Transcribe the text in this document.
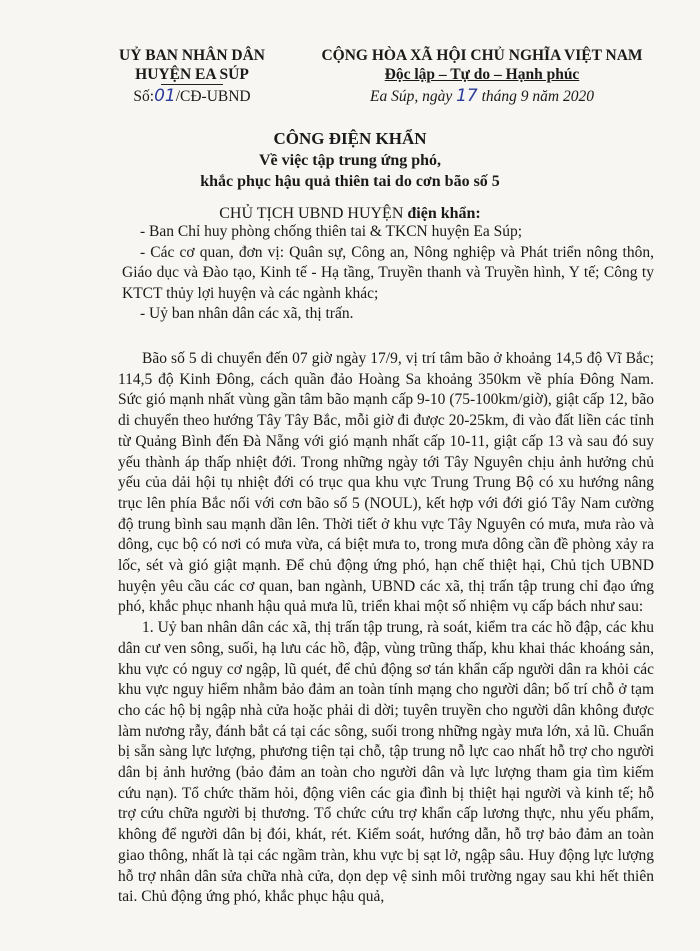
UỶ BAN NHÂN DÂN
HUYỆN EA SÚP
Số:01/CĐ-UBND
CỘNG HÒA XÃ HỘI CHỦ NGHĨA VIỆT NAM
Độc lập – Tự do – Hạnh phúc
Ea Súp, ngày 17 tháng 9 năm 2020
CÔNG ĐIỆN KHẨN
Về việc tập trung ứng phó,
khắc phục hậu quả thiên tai do cơn bão số 5
CHỦ TỊCH UBND HUYỆN điện khẩn:
- Ban Chỉ huy phòng chống thiên tai & TKCN huyện Ea Súp;
- Các cơ quan, đơn vị: Quân sự, Công an, Nông nghiệp và Phát triển nông thôn, Giáo dục và Đào tạo, Kinh tế - Hạ tầng, Truyền thanh và Truyền hình, Y tế; Công ty KTCT thủy lợi huyện và các ngành khác;
- Uỷ ban nhân dân các xã, thị trấn.

Bão số 5 di chuyển đến 07 giờ ngày 17/9, vị trí tâm bão ở khoảng 14,5 độ Vĩ Bắc; 114,5 độ Kinh Đông, cách quần đảo Hoàng Sa khoảng 350km về phía Đông Nam. Sức gió mạnh nhất vùng gần tâm bão mạnh cấp 9-10 (75-100km/giờ), giật cấp 12, bão di chuyển theo hướng Tây Tây Bắc, mỗi giờ đi được 20-25km, đi vào đất liền các tỉnh từ Quảng Bình đến Đà Nẵng với gió mạnh nhất cấp 10-11, giật cấp 13 và sau đó suy yếu thành áp thấp nhiệt đới. Trong những ngày tới Tây Nguyên chịu ảnh hưởng chủ yếu của dải hội tụ nhiệt đới có trục qua khu vực Trung Trung Bộ có xu hướng nâng trục lên phía Bắc nối với cơn bão số 5 (NOUL), kết hợp với đới gió Tây Nam cường độ trung bình sau mạnh dần lên. Thời tiết ở khu vực Tây Nguyên có mưa, mưa rào và dông, cục bộ có nơi có mưa vừa, cá biệt mưa to, trong mưa dông cần đề phòng xảy ra lốc, sét và gió giật mạnh. Để chủ động ứng phó, hạn chế thiệt hại, Chủ tịch UBND huyện yêu cầu các cơ quan, ban ngành, UBND các xã, thị trấn tập trung chỉ đạo ứng phó, khắc phục nhanh hậu quả mưa lũ, triển khai một số nhiệm vụ cấp bách như sau:

1. Uỷ ban nhân dân các xã, thị trấn tập trung, rà soát, kiểm tra các hồ đập, các khu dân cư ven sông, suối, hạ lưu các hồ, đập, vùng trũng thấp, khu khai thác khoáng sản, khu vực có nguy cơ ngập, lũ quét, để chủ động sơ tán khẩn cấp người dân ra khỏi các khu vực nguy hiểm nhằm bảo đảm an toàn tính mạng cho người dân; bố trí chỗ ở tạm cho các hộ bị ngập nhà cửa hoặc phải di dời; tuyên truyền cho người dân không được làm nương rẫy, đánh bắt cá tại các sông, suối trong những ngày mưa lớn, xả lũ. Chuẩn bị sẵn sàng lực lượng, phương tiện tại chỗ, tập trung nỗ lực cao nhất hỗ trợ cho người dân bị ảnh hưởng (bảo đảm an toàn cho người dân và lực lượng tham gia tìm kiếm cứu nạn). Tổ chức thăm hỏi, động viên các gia đình bị thiệt hại người và kinh tế; hỗ trợ cứu chữa người bị thương. Tổ chức cứu trợ khẩn cấp lương thực, nhu yếu phẩm, không để người dân bị đói, khát, rét. Kiểm soát, hướng dẫn, hỗ trợ bảo đảm an toàn giao thông, nhất là tại các ngầm tràn, khu vực bị sạt lở, ngập sâu. Huy động lực lượng hỗ trợ nhân dân sửa chữa nhà cửa, dọn dẹp vệ sinh môi trường ngay sau khi hết thiên tai. Chủ động ứng phó, khắc phục hậu quả,
